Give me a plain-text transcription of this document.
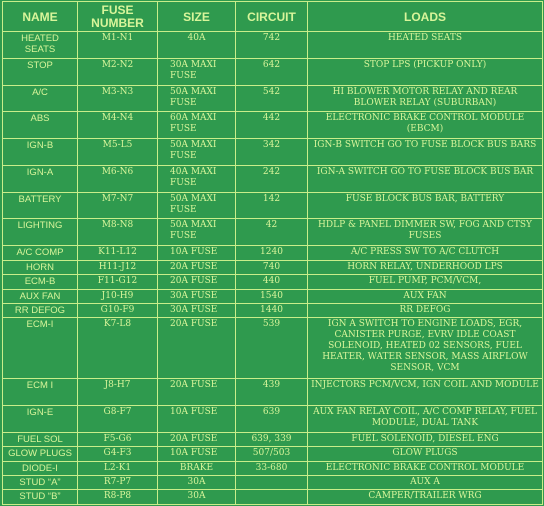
NAME	FUSE NUMBER	SIZE	CIRCUIT	LOADS
HEATED SEATS	M1-N1	40A	742	HEATED SEATS
STOP	M2-N2	30A MAXI FUSE	642	STOP LPS (PICKUP ONLY)
A/C	M3-N3	50A MAXI FUSE	542	HI BLOWER MOTOR RELAY AND REAR BLOWER RELAY (SUBURBAN)
ABS	M4-N4	60A MAXI FUSE	442	ELECTRONIC BRAKE CONTROL MODULE (EBCM)
IGN-B	M5-L5	50A MAXI FUSE	342	IGN-B SWITCH GO TO FUSE BLOCK BUS BARS
IGN-A	M6-N6	40A MAXI FUSE	242	IGN-A SWITCH GO TO FUSE BLOCK BUS BAR
BATTERY	M7-N7	50A MAXI FUSE	142	FUSE BLOCK BUS BAR, BATTERY
LIGHTING	M8-N8	50A MAXI FUSE	42	HDLP & PANEL DIMMER SW, FOG AND CTSY FUSES
A/C COMP	K11-L12	10A FUSE	1240	A/C PRESS SW TO A/C CLUTCH
HORN	H11-J12	20A FUSE	740	HORN RELAY, UNDERHOOD LPS
ECM-B	F11-G12	20A FUSE	440	FUEL PUMP, PCM/VCM,
AUX FAN	J10-H9	30A FUSE	1540	AUX FAN
RR DEFOG	G10-F9	30A FUSE	1440	RR DEFOG
ECM-I	K7-L8	20A FUSE	539	IGN A SWITCH TO ENGINE LOADS, EGR, CANISTER PURGE, EVRV IDLE COAST SOLENOID, HEATED 02 SENSORS, FUEL HEATER, WATER SENSOR, MASS AIRFLOW SENSOR, VCM
ECM I	J8-H7	20A FUSE	439	INJECTORS PCM/VCM, IGN COIL AND MODULE
IGN-E	G8-F7	10A FUSE	639	AUX FAN RELAY COIL, A/C COMP RELAY, FUEL MODULE, DUAL TANK
FUEL SOL	F5-G6	20A FUSE	639, 339	FUEL SOLENOID, DIESEL ENG
GLOW PLUGS	G4-F3	10A FUSE	507/503	GLOW PLUGS
DIODE-I	L2-K1	BRAKE	33-680	ELECTRONIC BRAKE CONTROL MODULE
STUD “A”	R7-P7	30A		AUX A
STUD “B”	R8-P8	30A		CAMPER/TRAILER WRG
